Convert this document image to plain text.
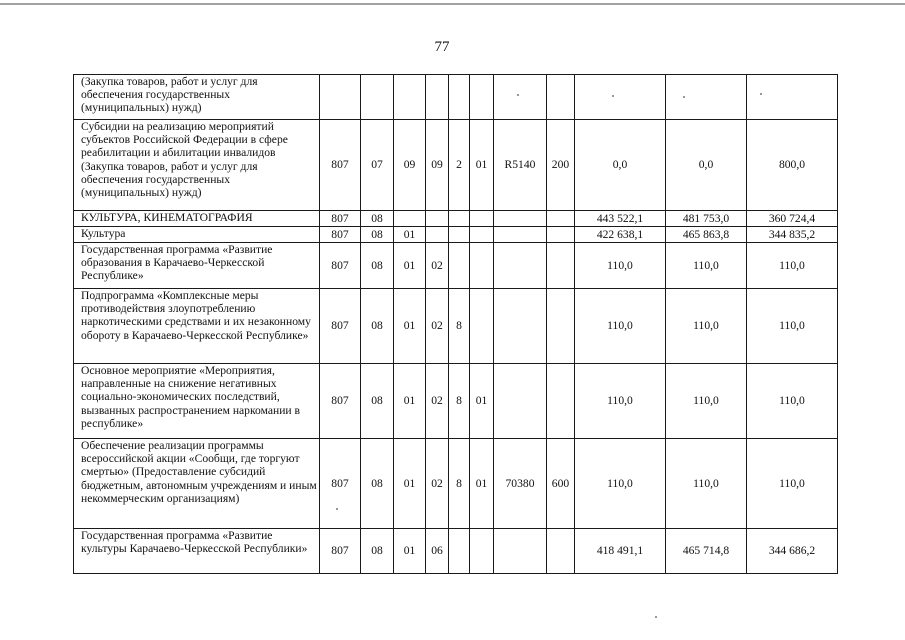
77
(Закупка товаров, работ и услуг для обеспечения государственных (муниципальных) нужд)											
Субсидии на реализацию мероприятий субъектов Российской Федерации в сфере реабилитации и абилитации инвалидов (Закупка товаров, работ и услуг для обеспечения государственных (муниципальных) нужд)	807	07	09	09	2	01	R5140	200	0,0	0,0	800,0
КУЛЬТУРА, КИНЕМАТОГРАФИЯ	807	08							443 522,1	481 753,0	360 724,4
Культура	807	08	01						422 638,1	465 863,8	344 835,2
Государственная программа «Развитие образования в Карачаево-Черкесской Республике»	807	08	01	02					110,0	110,0	110,0
Подпрограмма «Комплексные меры противодействия злоупотреблению наркотическими средствами и их незаконному обороту в Карачаево-Черкесской Республике»	807	08	01	02	8				110,0	110,0	110,0
Основное мероприятие «Мероприятия, направленные на снижение негативных социально-экономических последствий, вызванных распространением наркомании в республике»	807	08	01	02	8	01			110,0	110,0	110,0
Обеспечение реализации программы всероссийской акции «Сообщи, где торгуют смертью» (Предоставление субсидий бюджетным, автономным учреждениям и иным некоммерческим организациям)	807	08	01	02	8	01	70380	600	110,0	110,0	110,0
Государственная программа «Развитие культуры Карачаево-Черкесской Республики»	807	08	01	06					418 491,1	465 714,8	344 686,2
